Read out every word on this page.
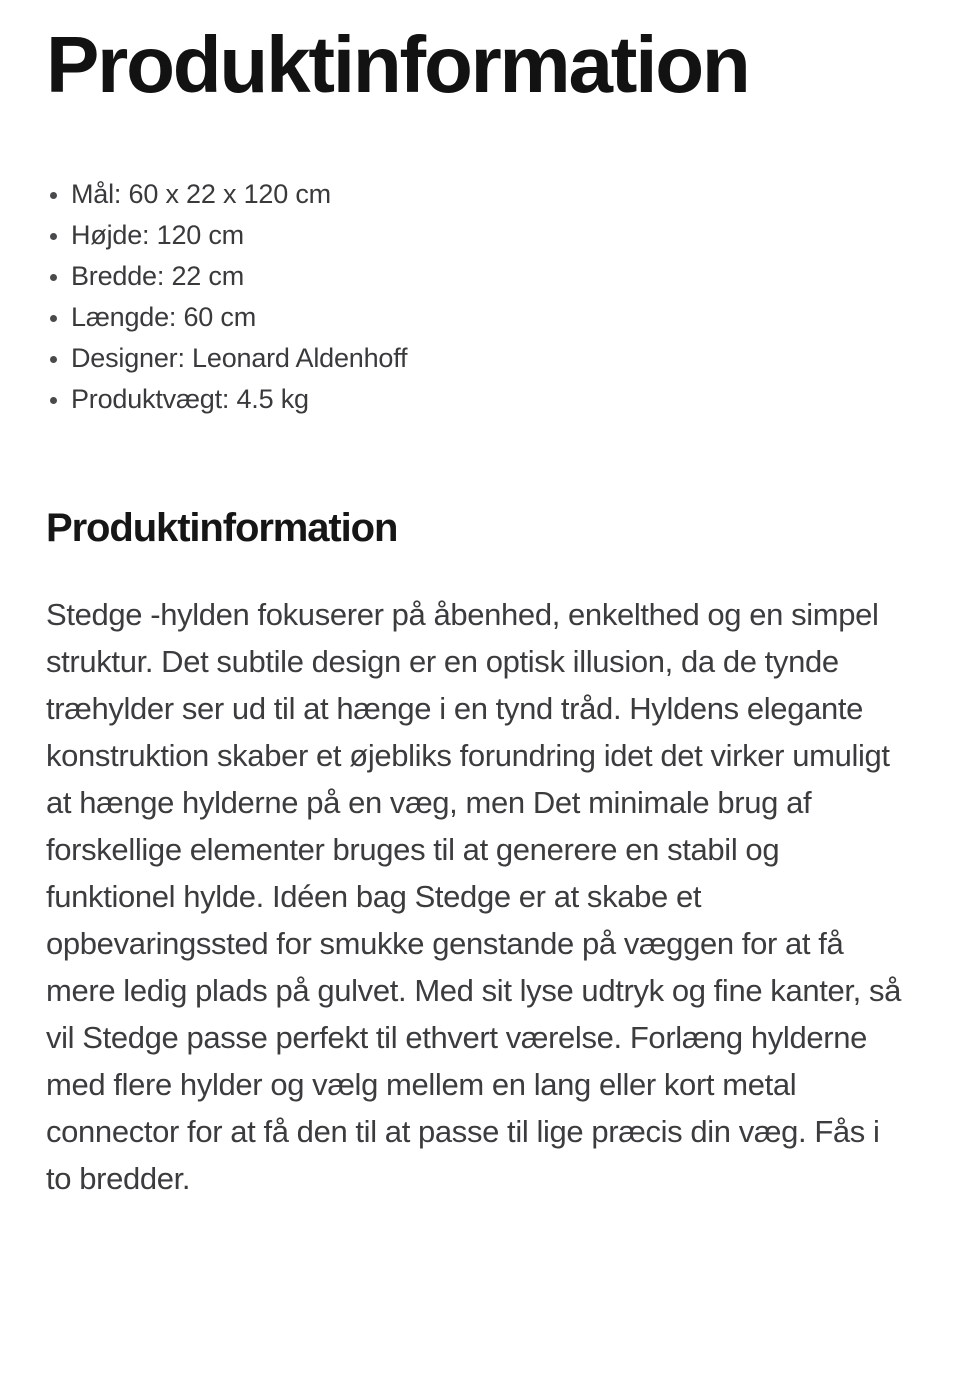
Produktinformation
Mål: 60 x 22 x 120 cm
Højde: 120 cm
Bredde: 22 cm
Længde: 60 cm
Designer: Leonard Aldenhoff
Produktvægt: 4.5 kg
Produktinformation

Stedge -hylden fokuserer på åbenhed, enkelthed og en simpel struktur. Det subtile design er en optisk illusion, da de tynde træhylder ser ud til at hænge i en tynd tråd. Hyldens elegante konstruktion skaber et øjebliks forundring idet det virker umuligt at hænge hylderne på en væg, men Det minimale brug af forskellige elementer bruges til at generere en stabil og funktionel hylde. Idéen bag Stedge er at skabe et opbevaringssted for smukke genstande på væggen for at få mere ledig plads på gulvet. Med sit lyse udtryk og fine kanter, så vil Stedge passe perfekt til ethvert værelse. Forlæng hylderne med flere hylder og vælg mellem en lang eller kort metal connector for at få den til at passe til lige præcis din væg. Fås i to bredder.
